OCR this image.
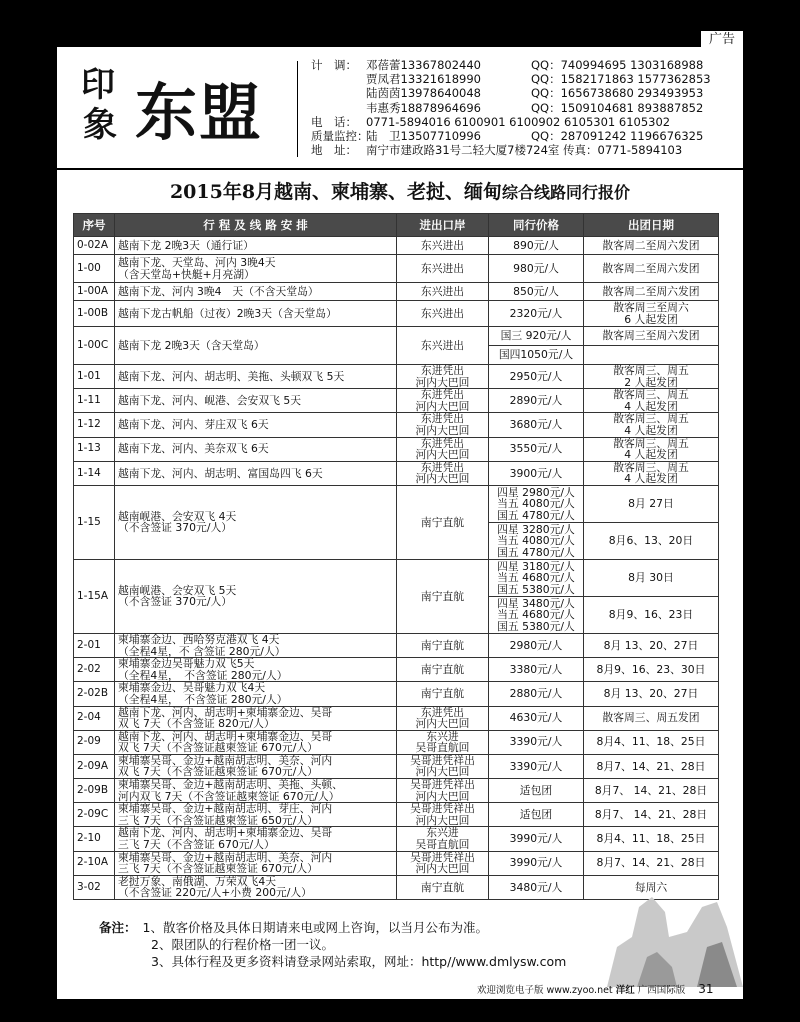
广告
印
象 东盟
计　调： 邓蓓蕾13367802440	QQ：740994695 1303168988
贾凤君13321618990	QQ：1582171863 1577362853
陆茵茵13978640048	QQ：1656738680 293493953
韦惠秀18878964696	QQ：1509104681 893887852
电　话： 0771-5894016 6100901 6100902 6105301 6105302
质量监控：陆　卫13507710996	QQ：287091242 1196676325
地　址： 南宁市建政路31号二轻大厦7楼724室 传真：0771-5894103
2015年8月越南、柬埔寨、老挝、缅甸综合线路同行报价
序号	行 程 及 线 路 安 排	进出口岸	同行价格	出团日期
0-02A	越南下龙 2晚3天（通行证）	东兴进出	890元/人	散客周二至周六发团
1-00	越南下龙、天堂岛、河内 3晚4天
（含天堂岛+快艇+月亮湖）	东兴进出	980元/人	散客周二至周六发团
1-00A	越南下龙、河内 3晚4　天（不含天堂岛）	东兴进出	850元/人	散客周二至周六发团
1-00B	越南下龙古帆船（过夜）2晚3天（含天堂岛）	东兴进出	2320元/人	散客周三至周六
6 人起发团
1-00C	越南下龙 2晚3天（含天堂岛）	东兴进出	国三 920元/人	散客周三至周六发团
			国四1050元/人	
1-01	越南下龙、河内、胡志明、美拖、头顿双飞 5天	东进凭出
河内大巴回	2950元/人	散客周三、周五
2 人起发团
1-11	越南下龙、河内、岘港、会安双飞 5天	东进凭出
河内大巴回	2890元/人	散客周三、周五
4 人起发团
1-12	越南下龙、河内、芽庄双飞 6天	东进凭出
河内大巴回	3680元/人	散客周三、周五
4 人起发团
1-13	越南下龙、河内、美奈双飞 6天	东进凭出
河内大巴回	3550元/人	散客周三、周五
4 人起发团
1-14	越南下龙、河内、胡志明、富国岛四飞 6天	东进凭出
河内大巴回	3900元/人	散客周三、周五
4 人起发团
1-15	越南岘港、会安双飞 4天
（不含签证 370元/人）	南宁直航	四星 2980元/人
当五 4080元/人
国五 4780元/人	8月 27日
			四星 3280元/人
当五 4080元/人
国五 4780元/人	8月6、13、20日
1-15A	越南岘港、会安双飞 5天
（不含签证 370元/人）	南宁直航	四星 3180元/人
当五 4680元/人
国五 5380元/人	8月 30日
			四星 3480元/人
当五 4680元/人
国五 5380元/人	8月9、16、23日
2-01	柬埔寨金边、西哈努克港双飞 4天
（全程4星，不 含签证 280元/人）	南宁直航	2980元/人	8月 13、20、27日
2-02	柬埔寨金边吴哥魅力双飞5天
（全程4星，　不含签证 280元/人）	南宁直航	3380元/人	8月9、16、23、30日
2-02B	柬埔寨金边、吴哥魅力双飞4天
（全程4星，　不含签证 280元/人）	南宁直航	2880元/人	8月 13、20、27日
2-04	越南下龙、河内、胡志明+柬埔寨金边、吴哥
双飞 7天（不含签证 820元/人）	东进凭出
河内大巴回	4630元/人	散客周三、周五发团
2-09	越南下龙、河内、胡志明+柬埔寨金边、吴哥
双飞 7天（不含签证越柬签证 670元/人）	东兴进
吴哥直航回	3390元/人	8月4、11、18、25日
2-09A	柬埔寨吴哥、金边+越南胡志明、美奈、河内
双飞 7天（不含签证越柬签证 670元/人）	吴哥进凭祥出
河内大巴回	3390元/人	8月7、14、21、28日
2-09B	柬埔寨吴哥、金边+越南胡志明、美拖、头顿、
河内双飞 7天（不含签证越柬签证 670元/人）	吴哥进凭祥出
河内大巴回	适包团	8月7、 14、21、28日
2-09C	柬埔寨吴哥、金边+越南胡志明、芽庄、河内
三飞 7天（不含签证越柬签证 650元/人）	吴哥进凭祥出
河内大巴回	适包团	8月7、 14、21、28日
2-10	越南下龙、河内、胡志明+柬埔寨金边、吴哥
三飞 7天（不含签证 670元/人）	东兴进
吴哥直航回	3990元/人	8月4、11、18、25日
2-10A	柬埔寨吴哥、金边+越南胡志明、美奈、河内
三飞 7天（不含签证越柬签证 670元/人）	吴哥进凭祥出
河内大巴回	3990元/人	8月7、14、21、28日
3-02	老挝万象、南俄湖、万荣双飞4天
（不含签证 220元/人+小费 200元/人）	南宁直航	3480元/人	每周六
备注： 1、散客价格及具体日期请来电或网上咨询，以当月公布为准。
2、限团队的行程价格一团一议。
3、具体行程及更多资料请登录网站索取，网址：http//www.dmlysw.com
欢迎浏览电子版 www.zyoo.net 洋红 广西国际版 31
